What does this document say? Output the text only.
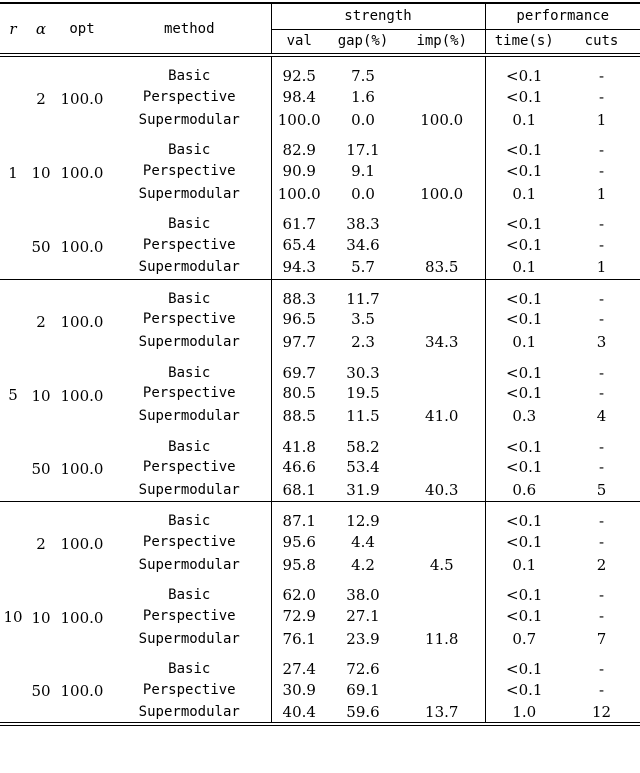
r	α	opt	method	strength			performance	
				val	gap(%)	imp(%)	time(s)	cuts
1	2	100.0	Basic	92.5	7.5		<0.1	-
			Perspective	98.4	1.6		<0.1	-
			Supermodular	100.0	0.0	100.0	0.1	1
	10	100.0	Basic	82.9	17.1		<0.1	-
			Perspective	90.9	9.1		<0.1	-
			Supermodular	100.0	0.0	100.0	0.1	1
	50	100.0	Basic	61.7	38.3		<0.1	-
			Perspective	65.4	34.6		<0.1	-
			Supermodular	94.3	5.7	83.5	0.1	1
5	2	100.0	Basic	88.3	11.7		<0.1	-
			Perspective	96.5	3.5		<0.1	-
			Supermodular	97.7	2.3	34.3	0.1	3
	10	100.0	Basic	69.7	30.3		<0.1	-
			Perspective	80.5	19.5		<0.1	-
			Supermodular	88.5	11.5	41.0	0.3	4
	50	100.0	Basic	41.8	58.2		<0.1	-
			Perspective	46.6	53.4		<0.1	-
			Supermodular	68.1	31.9	40.3	0.6	5
10	2	100.0	Basic	87.1	12.9		<0.1	-
			Perspective	95.6	4.4		<0.1	-
			Supermodular	95.8	4.2	4.5	0.1	2
	10	100.0	Basic	62.0	38.0		<0.1	-
			Perspective	72.9	27.1		<0.1	-
			Supermodular	76.1	23.9	11.8	0.7	7
	50	100.0	Basic	27.4	72.6		<0.1	-
			Perspective	30.9	69.1		<0.1	-
			Supermodular	40.4	59.6	13.7	1.0	12
